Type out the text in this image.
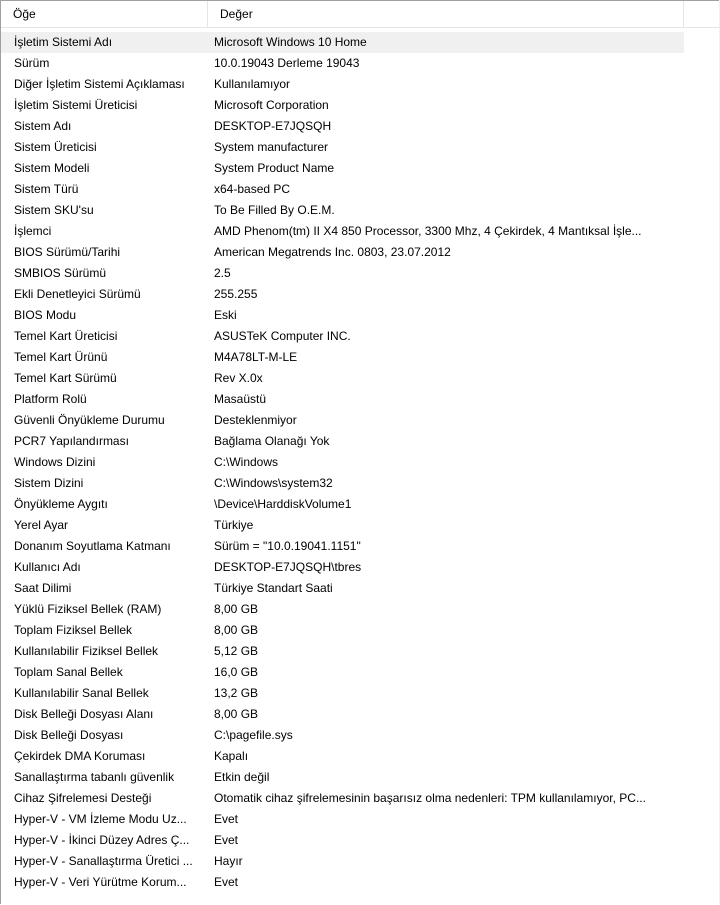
Öğe	Değer
İşletim Sistemi Adı	Microsoft Windows 10 Home
Sürüm	10.0.19043 Derleme 19043
Diğer İşletim Sistemi Açıklaması	Kullanılamıyor
İşletim Sistemi Üreticisi	Microsoft Corporation
Sistem Adı	DESKTOP-E7JQSQH
Sistem Üreticisi	System manufacturer
Sistem Modeli	System Product Name
Sistem Türü	x64-based PC
Sistem SKU'su	To Be Filled By O.E.M.
İşlemci	AMD Phenom(tm) II X4 850 Processor, 3300 Mhz, 4 Çekirdek, 4 Mantıksal İşle...
BIOS Sürümü/Tarihi	American Megatrends Inc. 0803, 23.07.2012
SMBIOS Sürümü	2.5
Ekli Denetleyici Sürümü	255.255
BIOS Modu	Eski
Temel Kart Üreticisi	ASUSTeK Computer INC.
Temel Kart Ürünü	M4A78LT-M-LE
Temel Kart Sürümü	Rev X.0x
Platform Rolü	Masaüstü
Güvenli Önyükleme Durumu	Desteklenmiyor
PCR7 Yapılandırması	Bağlama Olanağı Yok
Windows Dizini	C:\Windows
Sistem Dizini	C:\Windows\system32
Önyükleme Aygıtı	\Device\HarddiskVolume1
Yerel Ayar	Türkiye
Donanım Soyutlama Katmanı	Sürüm = "10.0.19041.1151"
Kullanıcı Adı	DESKTOP-E7JQSQH\tbres
Saat Dilimi	Türkiye Standart Saati
Yüklü Fiziksel Bellek (RAM)	8,00 GB
Toplam Fiziksel Bellek	8,00 GB
Kullanılabilir Fiziksel Bellek	5,12 GB
Toplam Sanal Bellek	16,0 GB
Kullanılabilir Sanal Bellek	13,2 GB
Disk Belleği Dosyası Alanı	8,00 GB
Disk Belleği Dosyası	C:\pagefile.sys
Çekirdek DMA Koruması	Kapalı
Sanallaştırma tabanlı güvenlik	Etkin değil
Cihaz Şifrelemesi Desteği	Otomatik cihaz şifrelemesinin başarısız olma nedenleri: TPM kullanılamıyor, PC...
Hyper-V - VM İzleme Modu Uz...	Evet
Hyper-V - İkinci Düzey Adres Ç...	Evet
Hyper-V - Sanallaştırma Üretici ...	Hayır
Hyper-V - Veri Yürütme Korum...	Evet
